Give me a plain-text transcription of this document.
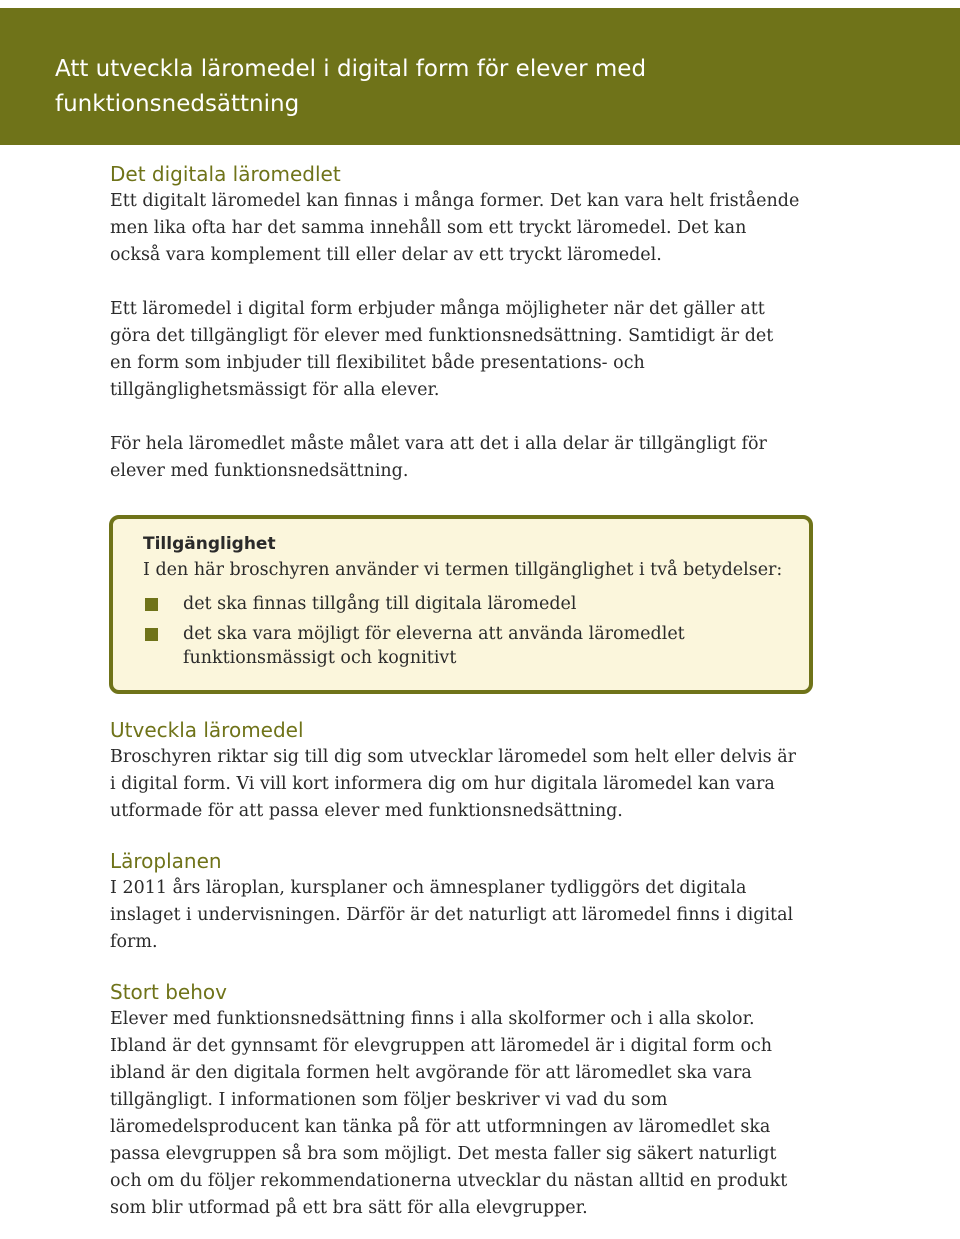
Att utveckla läromedel i digital form för elever med funktionsnedsättning
Det digitala läromedlet

Ett digitalt läromedel kan finnas i många former. Det kan vara helt fristående men lika ofta har det samma innehåll som ett tryckt läromedel. Det kan också vara komplement till eller delar av ett tryckt läromedel.

Ett läromedel i digital form erbjuder många möjligheter när det gäller att göra det tillgängligt för elever med funktionsnedsättning. Samtidigt är det en form som inbjuder till flexibilitet både presentations- och tillgänglighetsmässigt för alla elever.

För hela läromedlet måste målet vara att det i alla delar är tillgängligt för elever med funktionsnedsättning.

Tillgänglighet

I den här broschyren använder vi termen tillgänglighet i två betydelser:

det ska finnas tillgång till digitala läromedel
det ska vara möjligt för eleverna att använda läromedlet funktionsmässigt och kognitivt
Utveckla läromedel

Broschyren riktar sig till dig som utvecklar läromedel som helt eller delvis är i digital form. Vi vill kort informera dig om hur digitala läromedel kan vara utformade för att passa elever med funktionsnedsättning.

Läroplanen

I 2011 års läroplan, kursplaner och ämnesplaner tydliggörs det digitala inslaget i undervisningen. Därför är det naturligt att läromedel finns i digital form.

Stort behov

Elever med funktionsnedsättning finns i alla skolformer och i alla skolor. Ibland är det gynnsamt för elevgruppen att läromedel är i digital form och ibland är den digitala formen helt avgörande för att läromedlet ska vara tillgängligt. I informationen som följer beskriver vi vad du som läromedelsproducent kan tänka på för att utformningen av läromedlet ska passa elevgruppen så bra som möjligt. Det mesta faller sig säkert naturligt och om du följer rekommendationerna utvecklar du nästan alltid en produkt som blir utformad på ett bra sätt för alla elevgrupper.
